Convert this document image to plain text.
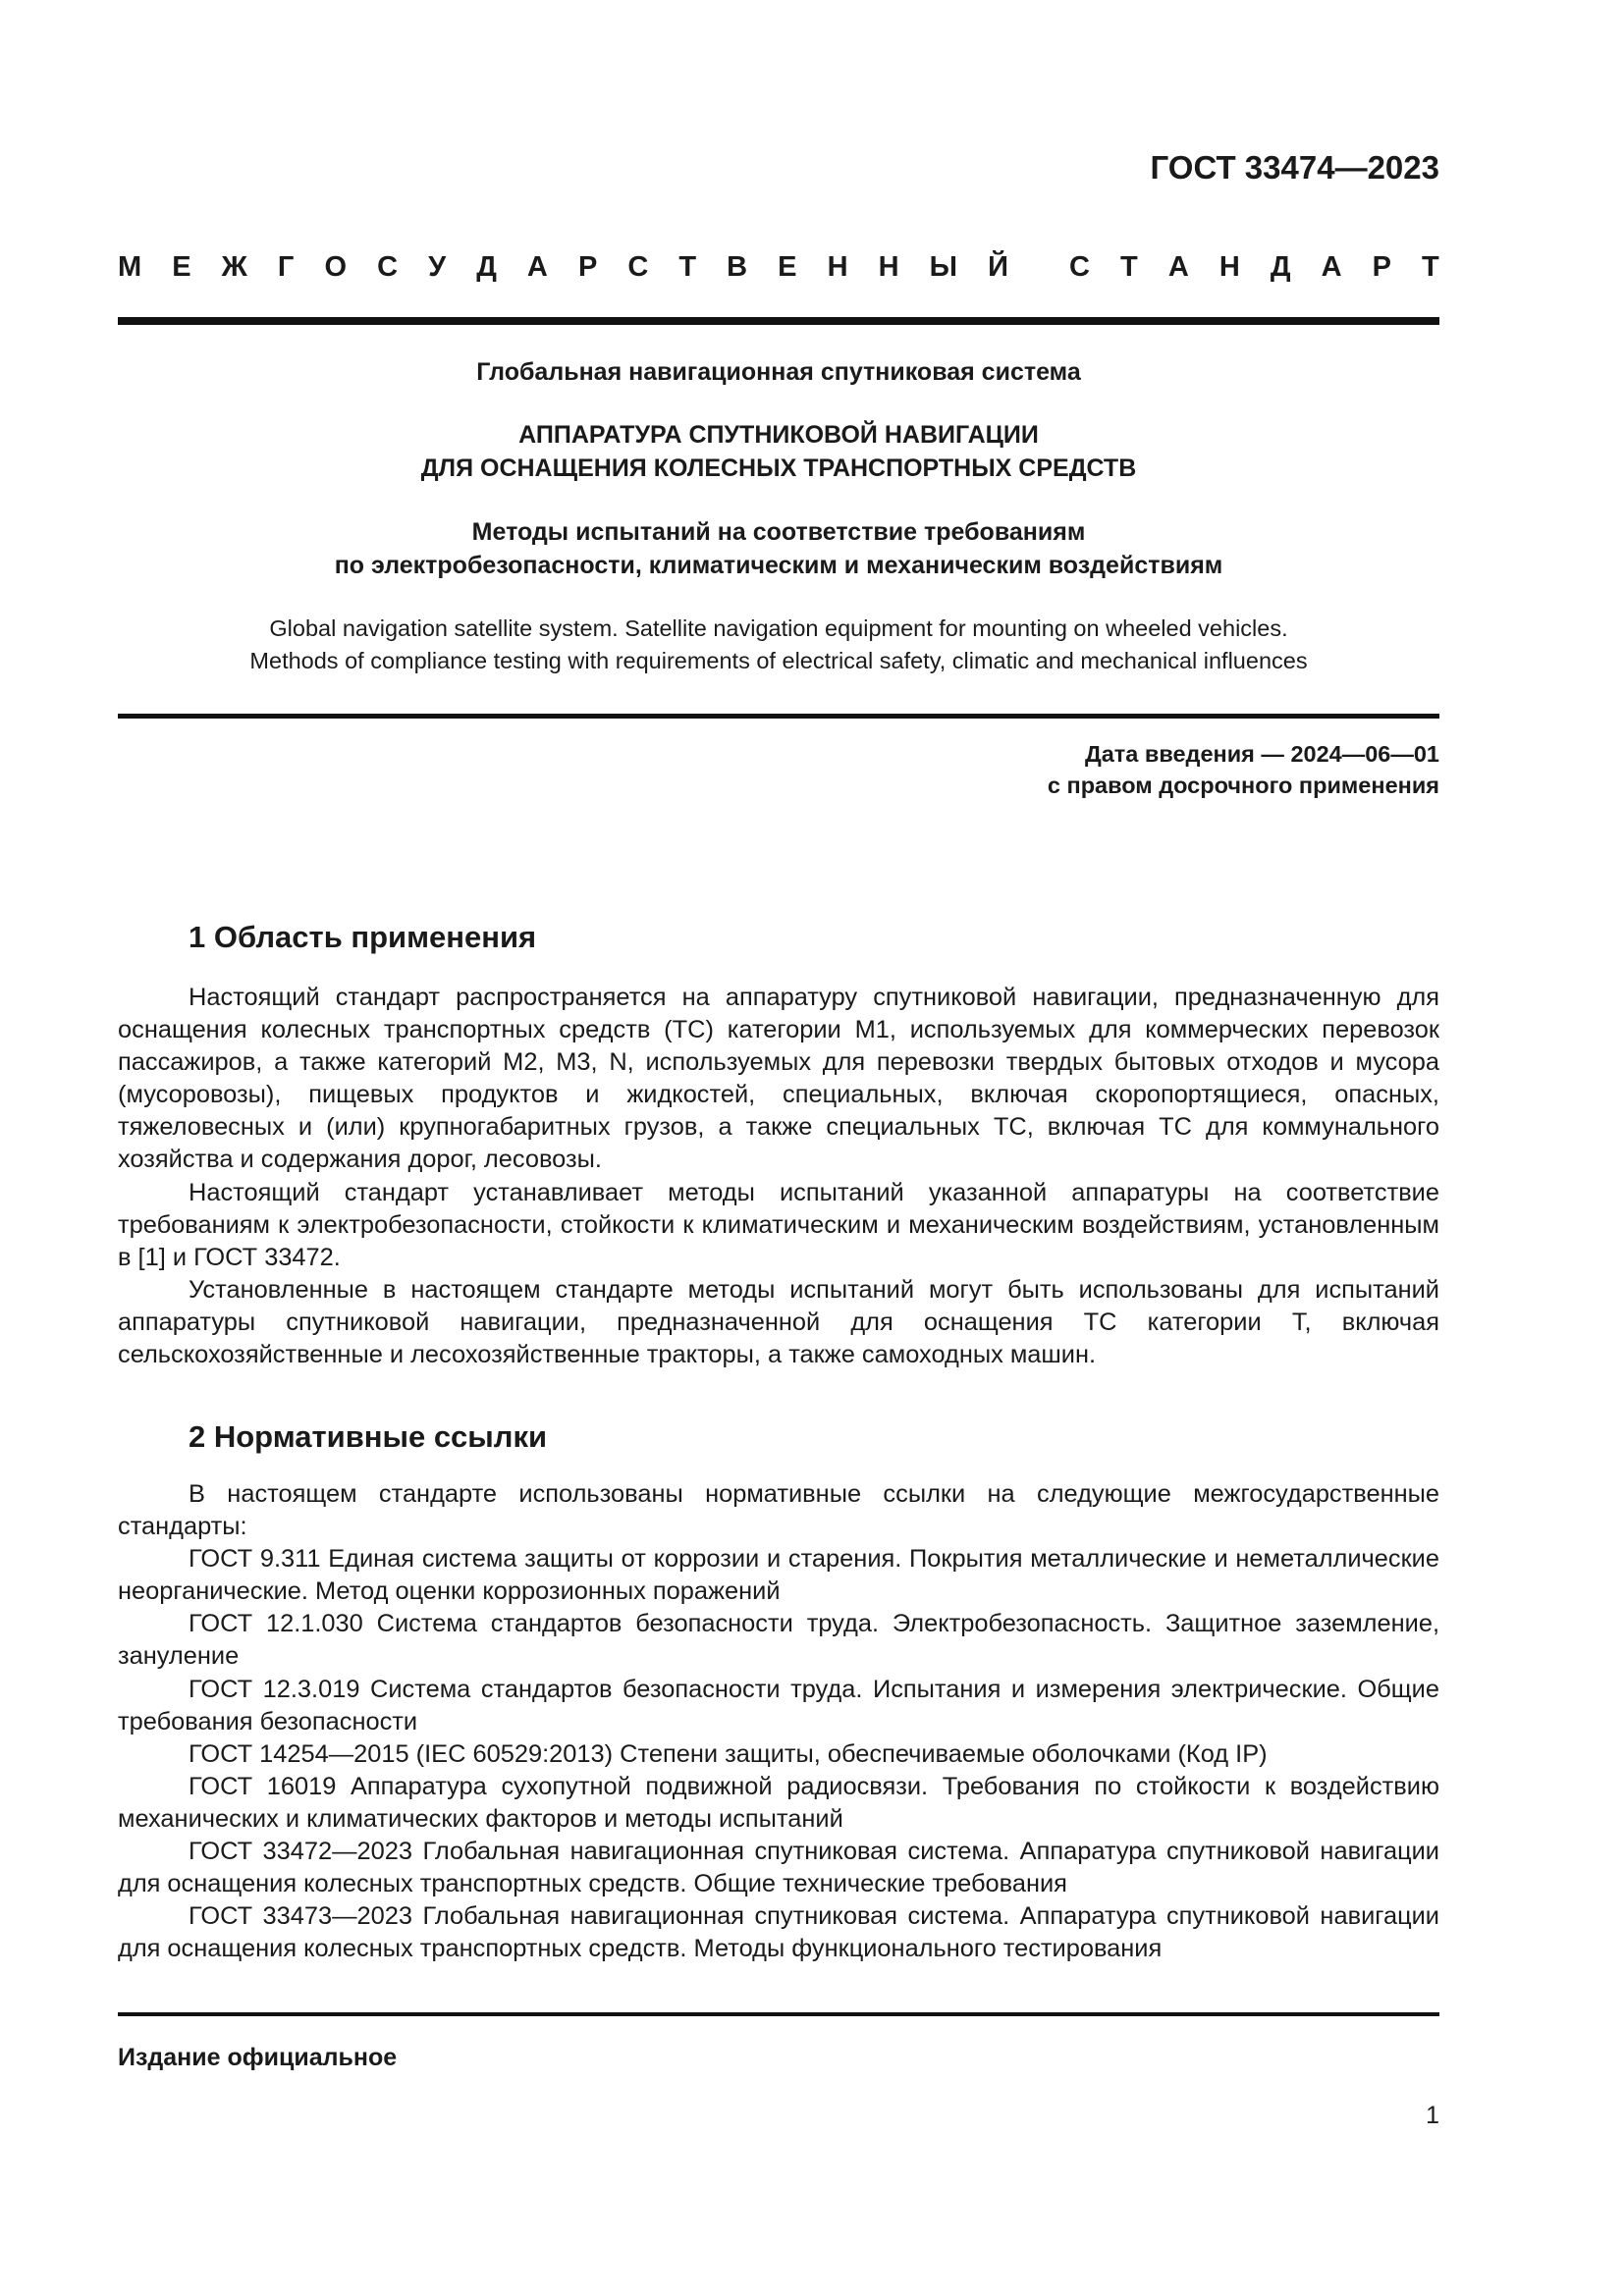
ГОСТ 33474—2023
М Е Ж Г О С У Д А Р С Т В Е Н Н Ы Й С Т А Н Д А Р Т
Глобальная навигационная спутниковая система
АППАРАТУРА СПУТНИКОВОЙ НАВИГАЦИИ
ДЛЯ ОСНАЩЕНИЯ КОЛЕСНЫХ ТРАНСПОРТНЫХ СРЕДСТВ
Методы испытаний на соответствие требованиям
по электробезопасности, климатическим и механическим воздействиям
Global navigation satellite system. Satellite navigation equipment for mounting on wheeled vehicles.
Methods of compliance testing with requirements of electrical safety, climatic and mechanical influences
Дата введения — 2024—06—01
с правом досрочного применения
1 Область применения

Настоящий стандарт распространяется на аппаратуру спутниковой навигации, предназначенную для оснащения колесных транспортных средств (ТС) категории М1, используемых для коммерческих перевозок пассажиров, а также категорий М2, М3, N, используемых для перевозки твердых бытовых отходов и мусора (мусоровозы), пищевых продуктов и жидкостей, специальных, включая скоропортящиеся, опасных, тяжеловесных и (или) крупногабаритных грузов, а также специальных ТС, включая ТС для коммунального хозяйства и содержания дорог, лесовозы.

Настоящий стандарт устанавливает методы испытаний указанной аппаратуры на соответствие требованиям к электробезопасности, стойкости к климатическим и механическим воздействиям, установленным в [1] и ГОСТ 33472.

Установленные в настоящем стандарте методы испытаний могут быть использованы для испытаний аппаратуры спутниковой навигации, предназначенной для оснащения ТС категории Т, включая сельскохозяйственные и лесохозяйственные тракторы, а также самоходных машин.

2 Нормативные ссылки

В настоящем стандарте использованы нормативные ссылки на следующие межгосударственные стандарты:

ГОСТ 9.311 Единая система защиты от коррозии и старения. Покрытия металлические и неметаллические неорганические. Метод оценки коррозионных поражений

ГОСТ 12.1.030 Система стандартов безопасности труда. Электробезопасность. Защитное заземление, зануление

ГОСТ 12.3.019 Система стандартов безопасности труда. Испытания и измерения электрические. Общие требования безопасности

ГОСТ 14254—2015 (IEC 60529:2013) Степени защиты, обеспечиваемые оболочками (Код IP)

ГОСТ 16019 Аппаратура сухопутной подвижной радиосвязи. Требования по стойкости к воздействию механических и климатических факторов и методы испытаний

ГОСТ 33472—2023 Глобальная навигационная спутниковая система. Аппаратура спутниковой навигации для оснащения колесных транспортных средств. Общие технические требования

ГОСТ 33473—2023 Глобальная навигационная спутниковая система. Аппаратура спутниковой навигации для оснащения колесных транспортных средств. Методы функционального тестирования

Издание официальное
1
